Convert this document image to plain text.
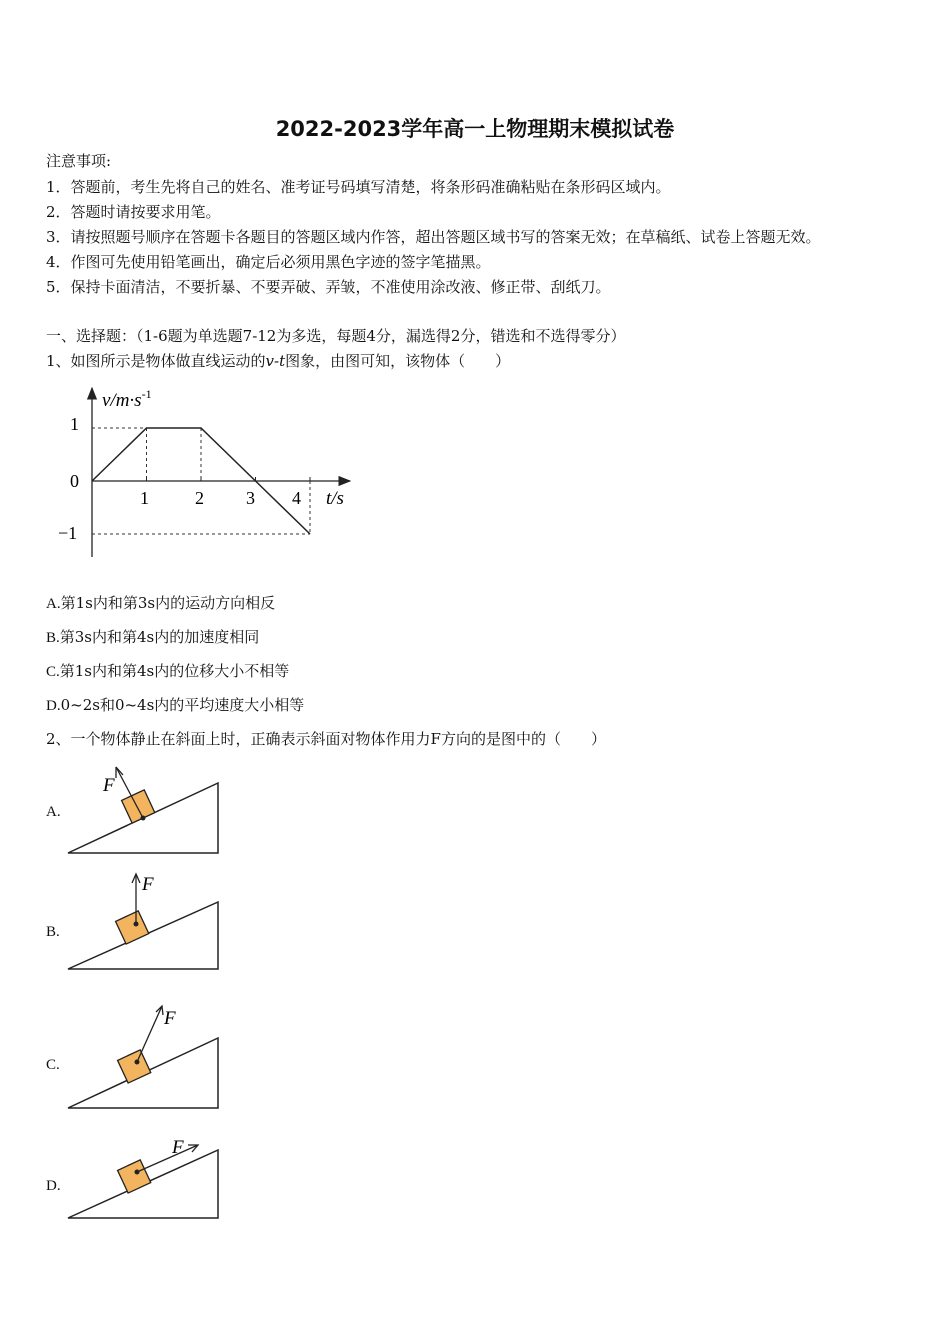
2022-2023学年高一上物理期末模拟试卷
注意事项:
1．答题前，考生先将自己的姓名、准考证号码填写清楚，将条形码准确粘贴在条形码区域内。
2．答题时请按要求用笔。
3．请按照题号顺序在答题卡各题目的答题区域内作答，超出答题区域书写的答案无效；在草稿纸、试卷上答题无效。
4．作图可先使用铅笔画出，确定后必须用黑色字迹的签字笔描黑。
5．保持卡面清洁，不要折暴、不要弄破、弄皱，不准使用涂改液、修正带、刮纸刀。
一、选择题：（1-6题为单选题7-12为多选，每题4分，漏选得2分，错选和不选得零分）
1、如图所示是物体做直线运动的v-t图象，由图可知，该物体（　　）
$v/m\cdot s^{-1}$
t/s
1
0
−1
1	2 3 4
A.第1s内和第3s内的运动方向相反
B.第3s内和第4s内的加速度相同
C.第1s内和第4s内的位移大小不相等
D.0~2s和0~4s内的平均速度大小相等
2、一个物体静止在斜面上时，正确表示斜面对物体作用力F方向的是图中的（　　）
A.
F
B.
F
C.
F
D.
F
